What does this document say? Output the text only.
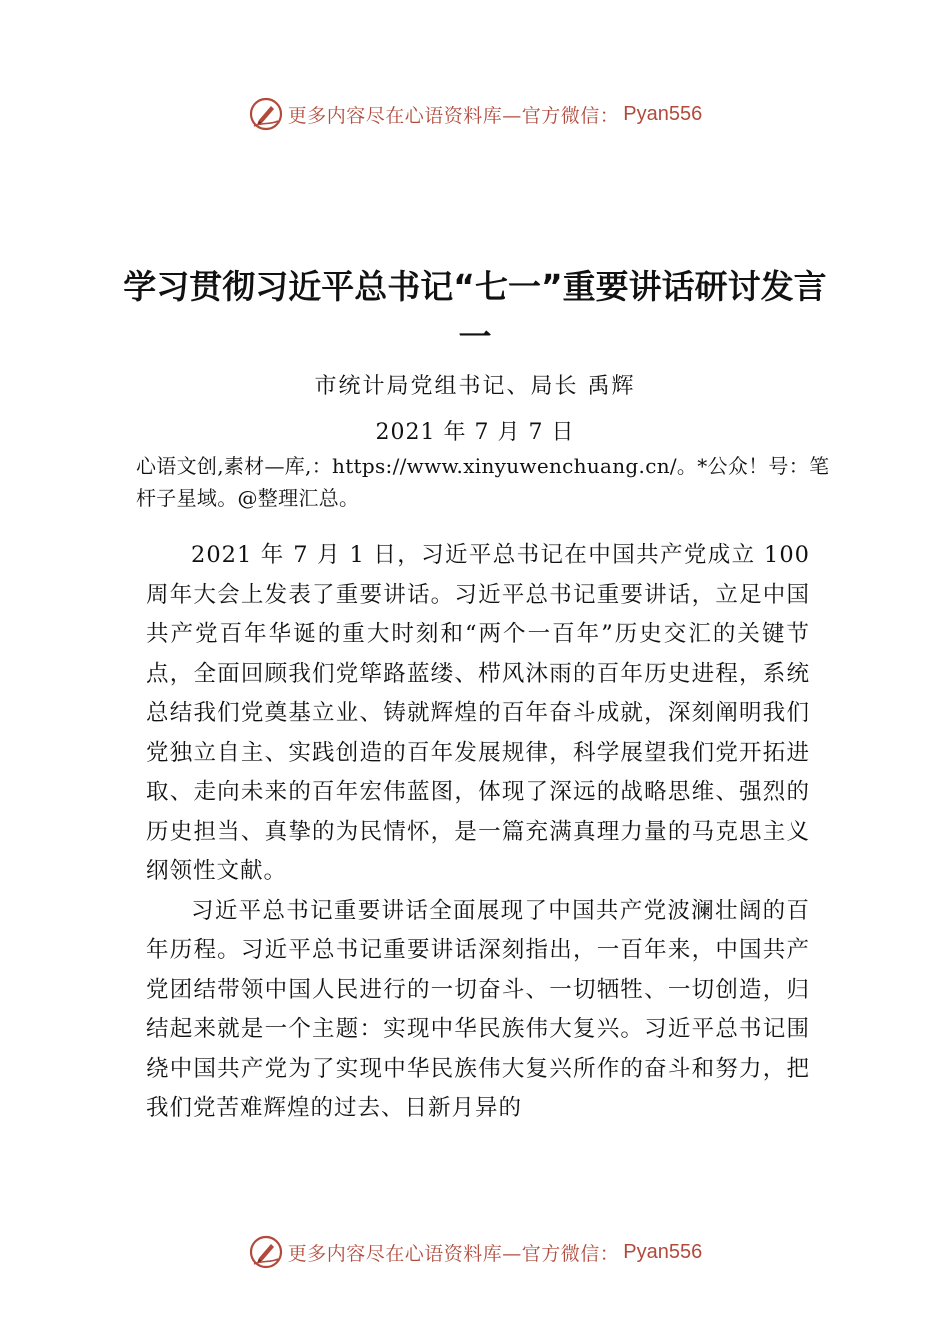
更多内容尽在心语资料库—官方微信： Pyan556
学习贯彻习近平总书记“七一”重要讲话研讨发言一
市统计局党组书记、局长 禹辉
2021 年 7 月 7 日

心语文创,素材—库,：https://www.xinyuwenchuang.cn/。*公众！号：笔杆子星域。@整理汇总。

2021 年 7 月 1 日，习近平总书记在中国共产党成立 100 周年大会上发表了重要讲话。习近平总书记重要讲话，立足中国共产党百年华诞的重大时刻和“两个一百年”历史交汇的关键节点，全面回顾我们党筚路蓝缕、栉风沐雨的百年历史进程，系统总结我们党奠基立业、铸就辉煌的百年奋斗成就，深刻阐明我们党独立自主、实践创造的百年发展规律，科学展望我们党开拓进取、走向未来的百年宏伟蓝图，体现了深远的战略思维、强烈的历史担当、真挚的为民情怀，是一篇充满真理力量的马克思主义纲领性文献。

习近平总书记重要讲话全面展现了中国共产党波澜壮阔的百年历程。习近平总书记重要讲话深刻指出，一百年来，中国共产党团结带领中国人民进行的一切奋斗、一切牺牲、一切创造，归结起来就是一个主题：实现中华民族伟大复兴。习近平总书记围绕中国共产党为了实现中华民族伟大复兴所作的奋斗和努力，把我们党苦难辉煌的过去、日新月异的

更多内容尽在心语资料库—官方微信： Pyan556
